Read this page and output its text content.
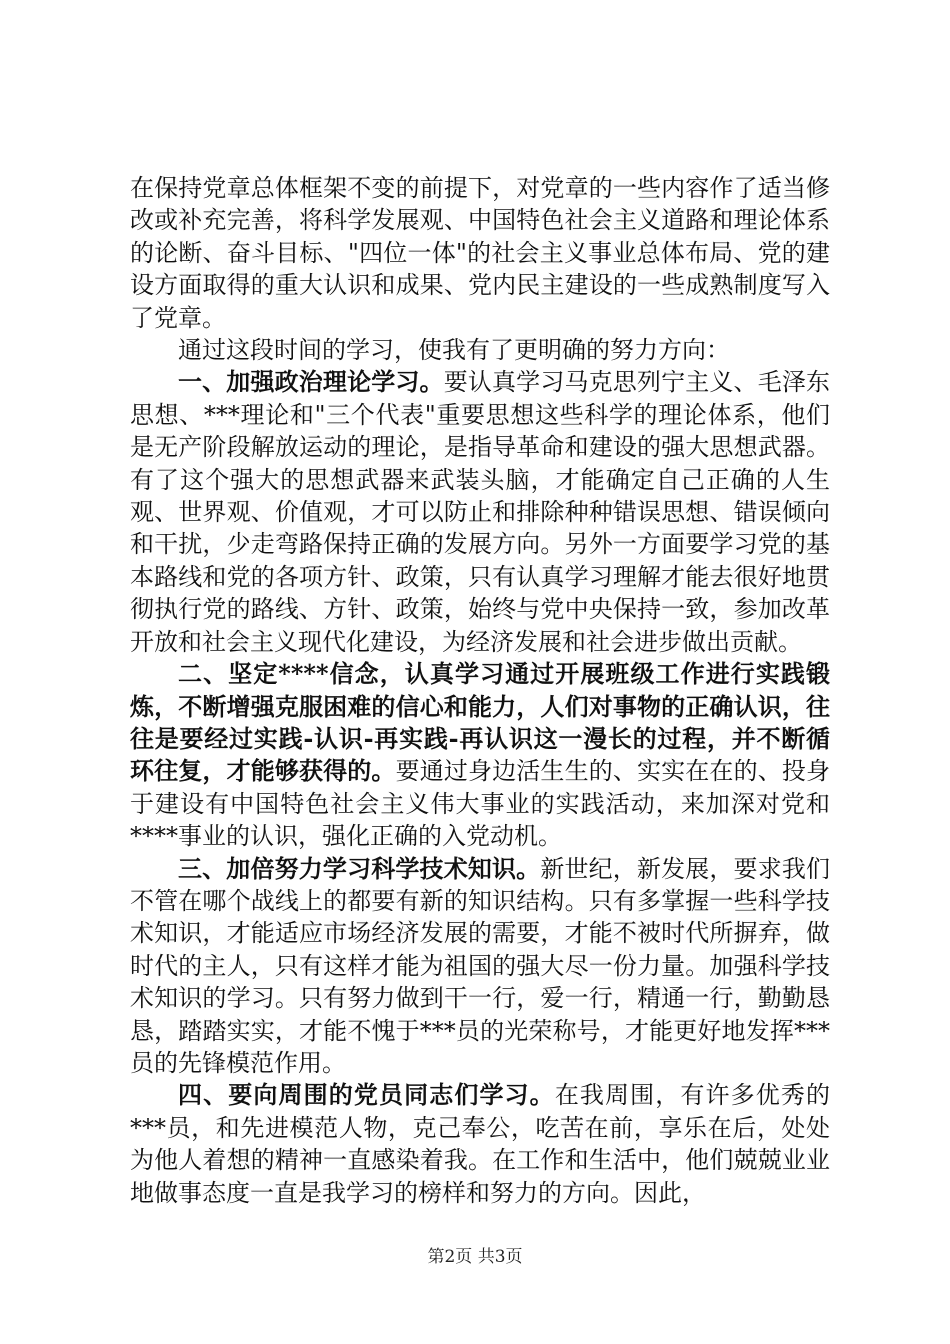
在保持党章总体框架不变的前提下，对党章的一些内容作了适当修改或补充完善，将科学发展观、中国特色社会主义道路和理论体系的论断、奋斗目标、"四位一体"的社会主义事业总体布局、党的建设方面取得的重大认识和成果、党内民主建设的一些成熟制度写入了党章。

通过这段时间的学习，使我有了更明确的努力方向：

一、加强政治理论学习。要认真学习马克思列宁主义、毛泽东思想、***理论和"三个代表"重要思想这些科学的理论体系，他们是无产阶段解放运动的理论，是指导革命和建设的强大思想武器。有了这个强大的思想武器来武装头脑，才能确定自己正确的人生观、世界观、价值观，才可以防止和排除种种错误思想、错误倾向和干扰，少走弯路保持正确的发展方向。另外一方面要学习党的基本路线和党的各项方针、政策，只有认真学习理解才能去很好地贯彻执行党的路线、方针、政策，始终与党中央保持一致，参加改革开放和社会主义现代化建设，为经济发展和社会进步做出贡献。

二、坚定****信念，认真学习通过开展班级工作进行实践锻炼，不断增强克服困难的信心和能力，人们对事物的正确认识，往往是要经过实践-认识-再实践-再认识这一漫长的过程，并不断循环往复，才能够获得的。要通过身边活生生的、实实在在的、投身于建设有中国特色社会主义伟大事业的实践活动，来加深对党和****事业的认识，强化正确的入党动机。

三、加倍努力学习科学技术知识。新世纪，新发展，要求我们不管在哪个战线上的都要有新的知识结构。只有多掌握一些科学技术知识，才能适应市场经济发展的需要，才能不被时代所摒弃，做时代的主人，只有这样才能为祖国的强大尽一份力量。加强科学技术知识的学习。只有努力做到干一行，爱一行，精通一行，勤勤恳恳，踏踏实实，才能不愧于***员的光荣称号，才能更好地发挥***员的先锋模范作用。

四、要向周围的党员同志们学习。在我周围，有许多优秀的***员，和先进模范人物，克己奉公，吃苦在前，享乐在后，处处为他人着想的精神一直感染着我。在工作和生活中，他们兢兢业业地做事态度一直是我学习的榜样和努力的方向。因此，

第2页 共3页
